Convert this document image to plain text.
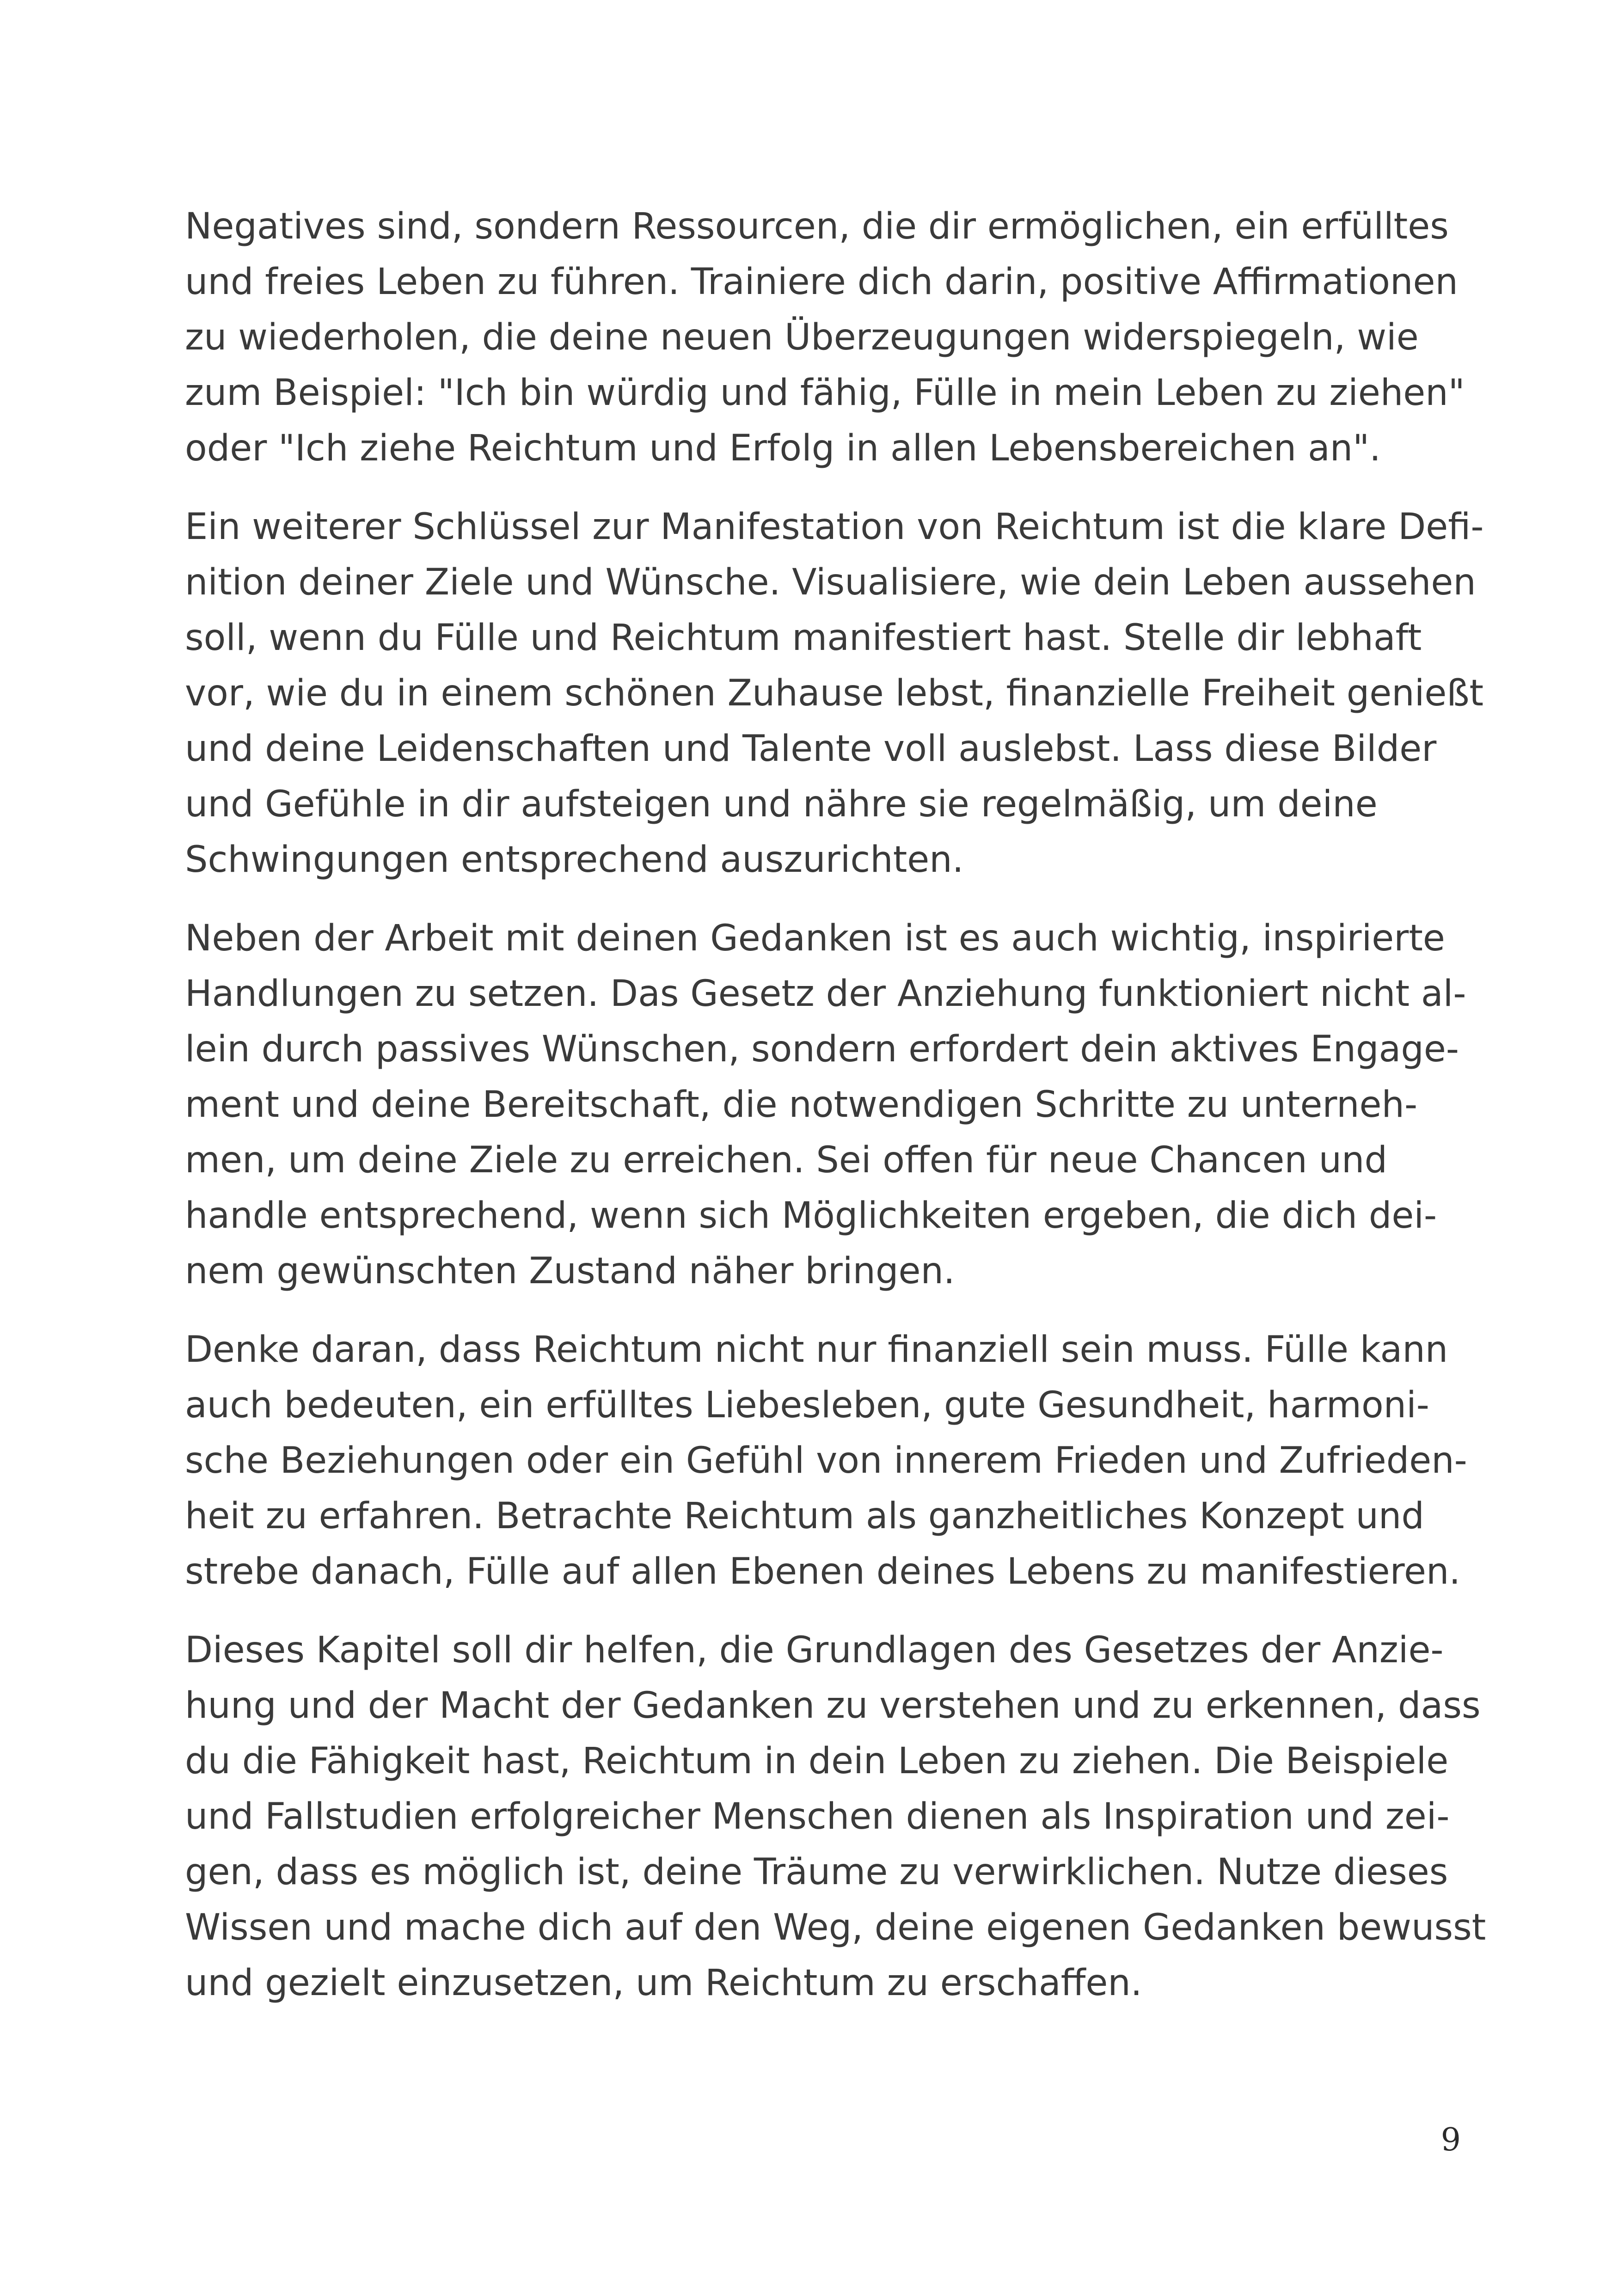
Negatives sind, sondern Ressourcen, die dir ermöglichen, ein erfülltes
und freies Leben zu führen. Trainiere dich darin, positive Affirmationen
zu wiederholen, die deine neuen Überzeugungen widerspiegeln, wie
zum Beispiel: "Ich bin würdig und fähig, Fülle in mein Leben zu ziehen"
oder "Ich ziehe Reichtum und Erfolg in allen Lebensbereichen an".

Ein weiterer Schlüssel zur Manifestation von Reichtum ist die klare Defi-
nition deiner Ziele und Wünsche. Visualisiere, wie dein Leben aussehen
soll, wenn du Fülle und Reichtum manifestiert hast. Stelle dir lebhaft
vor, wie du in einem schönen Zuhause lebst, finanzielle Freiheit genießt
und deine Leidenschaften und Talente voll auslebst. Lass diese Bilder
und Gefühle in dir aufsteigen und nähre sie regelmäßig, um deine
Schwingungen entsprechend auszurichten.

Neben der Arbeit mit deinen Gedanken ist es auch wichtig, inspirierte
Handlungen zu setzen. Das Gesetz der Anziehung funktioniert nicht al-
lein durch passives Wünschen, sondern erfordert dein aktives Engage-
ment und deine Bereitschaft, die notwendigen Schritte zu unterneh-
men, um deine Ziele zu erreichen. Sei offen für neue Chancen und
handle entsprechend, wenn sich Möglichkeiten ergeben, die dich dei-
nem gewünschten Zustand näher bringen.

Denke daran, dass Reichtum nicht nur finanziell sein muss. Fülle kann
auch bedeuten, ein erfülltes Liebesleben, gute Gesundheit, harmoni-
sche Beziehungen oder ein Gefühl von innerem Frieden und Zufrieden-
heit zu erfahren. Betrachte Reichtum als ganzheitliches Konzept und
strebe danach, Fülle auf allen Ebenen deines Lebens zu manifestieren.

Dieses Kapitel soll dir helfen, die Grundlagen des Gesetzes der Anzie-
hung und der Macht der Gedanken zu verstehen und zu erkennen, dass
du die Fähigkeit hast, Reichtum in dein Leben zu ziehen. Die Beispiele
und Fallstudien erfolgreicher Menschen dienen als Inspiration und zei-
gen, dass es möglich ist, deine Träume zu verwirklichen. Nutze dieses
Wissen und mache dich auf den Weg, deine eigenen Gedanken bewusst
und gezielt einzusetzen, um Reichtum zu erschaffen.

9
